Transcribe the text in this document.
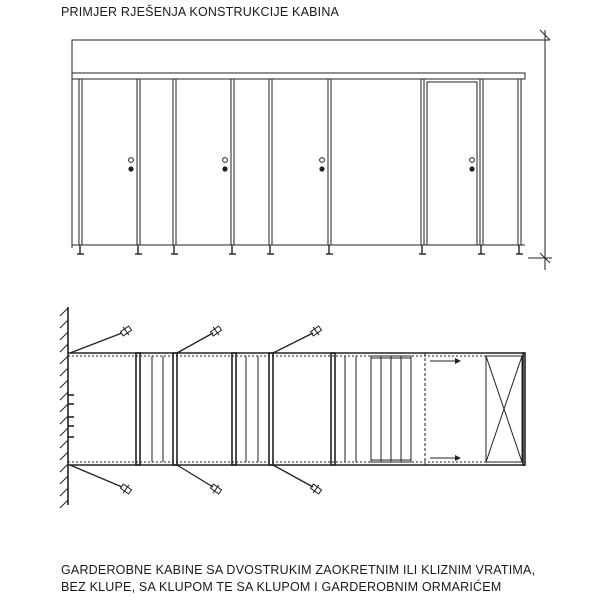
PRIMJER RJEŠENJA KONSTRUKCIJE KABINA
GARDEROBNE KABINE SA DVOSTRUKIM ZAOKRETNIM ILI KLIZNIM VRATIMA,
BEZ KLUPE, SA KLUPOM TE SA KLUPOM I GARDEROBNIM ORMARIĆEM
